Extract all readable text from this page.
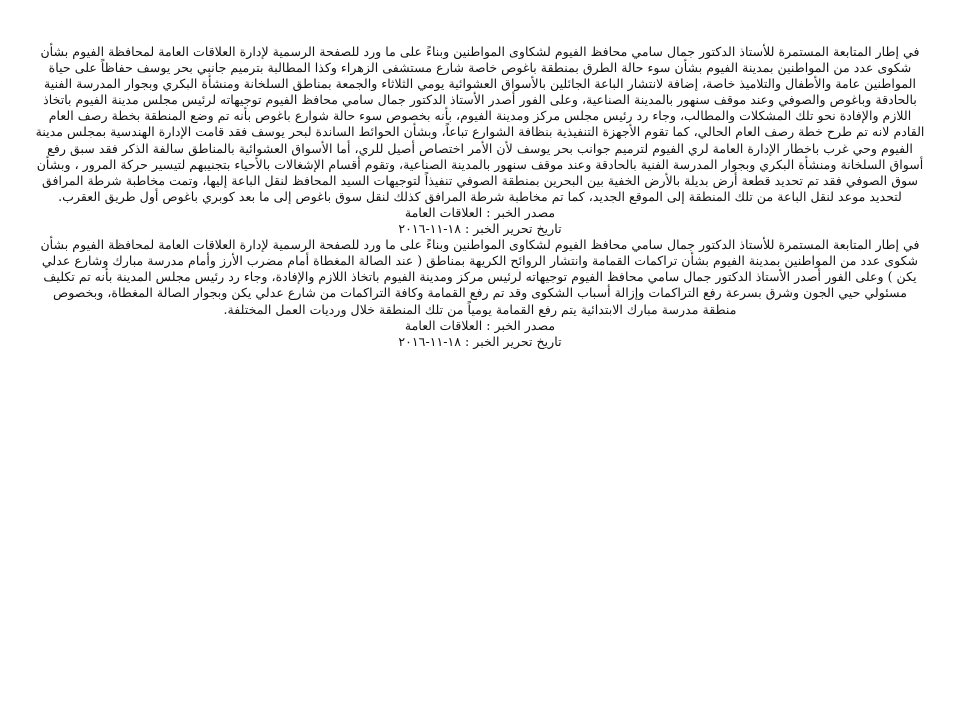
في إطار المتابعة المستمرة للأستاذ الدكتور جمال سامي محافظ الفيوم لشكاوى المواطنين وبناءً على ما ورد للصفحة الرسمية لإدارة العلاقات العامة لمحافظة الفيوم بشأن شكوى عدد من المواطنين بمدينة الفيوم بشأن سوء حالة الطرق بمنطقة باغوص خاصة شارع مستشفى الزهراء وكذا المطالبة بترميم جانبي بحر يوسف حفاظاً على حياة المواطنين عامة والأطفال والتلاميذ خاصة، إضافة لانتشار الباعة الجائلين بالأسواق العشوائية يومي الثلاثاء والجمعة بمناطق السلخانة ومنشأة البكري وبجوار المدرسة الفنية بالحادقة وباغوص والصوفي وعند موقف سنهور بالمدينة الصناعية، وعلى الفور أصدر الأستاذ الدكتور جمال سامي محافظ الفيوم توجيهاته لرئيس مجلس مدينة الفيوم باتخاذ اللازم والإفادة نحو تلك المشكلات والمطالب، وجاء رد رئيس مجلس مركز ومدينة الفيوم، بأنه بخصوص سوء حالة شوارع باغوص بأنه تم وضع المنطقة بخطة رصف العام القادم لانه تم طرح خطة رصف العام الحالي، كما تقوم الأجهزة التنفيذية بنظافة الشوارع تباعاً، وبشأن الحوائط الساندة لبحر يوسف فقد قامت الإدارة الهندسية بمجلس مدينة الفيوم وحي غرب باخطار الإدارة العامة لري الفيوم لترميم جوانب بحر يوسف لأن الأمر اختصاص أصيل للري، أما الأسواق العشوائية بالمناطق سالفة الذكر فقد سبق رفع أسواق السلخانة ومنشأة البكري وبجوار المدرسة الفنية بالحادقة وعند موقف سنهور بالمدينة الصناعية، وتقوم أقسام الإشغالات بالأحياء بتجنيبهم لتيسير حركة المرور ، وبشأن سوق الصوفي فقد تم تحديد قطعة أرض بديلة بالأرض الخفية بين البحرين بمنطقة الصوفي تنفيذاً لتوجيهات السيد المحافظ لنقل الباعة إليها، وتمت مخاطبة شرطة المرافق لتحديد موعد لنقل الباعة من تلك المنطقة إلى الموقع الجديد، كما تم مخاطبة شرطة المرافق كذلك لنقل سوق باغوص إلى ما بعد كوبري باغوص أول طريق العقرب.

مصدر الخبر : العلاقات العامة

تاريخ تحرير الخبر : ١٨-١١-٢٠١٦

في إطار المتابعة المستمرة للأستاذ الدكتور جمال سامي محافظ الفيوم لشكاوى المواطنين وبناءً على ما ورد للصفحة الرسمية لإدارة العلاقات العامة لمحافظة الفيوم بشأن شكوى عدد من المواطنين بمدينة الفيوم بشأن تراكمات القمامة وانتشار الروائح الكريهة بمناطق ( عند الصالة المغطاة أمام مضرب الأرز وأمام مدرسة مبارك وشارع عدلي يكن ) وعلى الفور أصدر الأستاذ الدكتور جمال سامي محافظ الفيوم توجيهاته لرئيس مركز ومدينة الفيوم باتخاذ اللازم والإفادة، وجاء رد رئيس مجلس المدينة بأنه تم تكليف مسئولي حيي الجون وشرق بسرعة رفع التراكمات وإزالة أسباب الشكوى وقد تم رفع القمامة وكافة التراكمات من شارع عدلي يكن وبجوار الصالة المغطاة، وبخصوص منطقة مدرسة مبارك الابتدائية يتم رفع القمامة يومياً من تلك المنطقة خلال ورديات العمل المختلفة.

مصدر الخبر : العلاقات العامة

تاريخ تحرير الخبر : ١٨-١١-٢٠١٦
